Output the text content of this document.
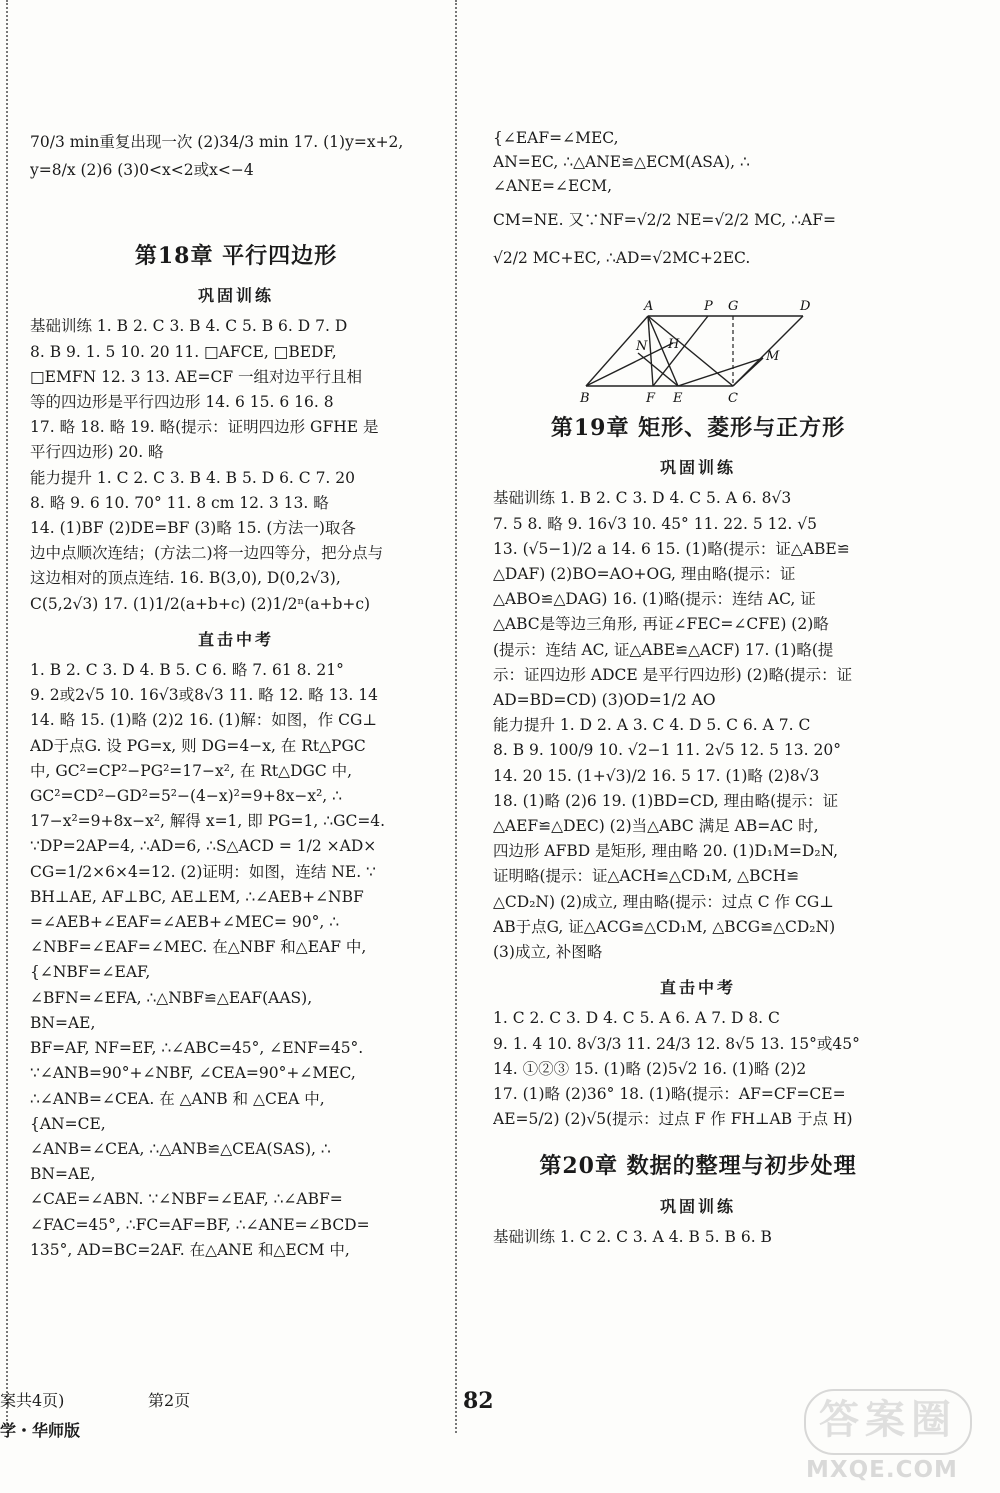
70/3 min重复出现一次 (2)34/3 min 17. (1)y=x+2,
y=8/x (2)6 (3)0<x<2或x<−4
第18章 平行四边形
巩固训练
基础训练 1. B 2. C 3. B 4. C 5. B 6. D 7. D
8. B 9. 1. 5 10. 20 11. □AFCE, □BEDF,
□EMFN 12. 3 13. AE=CF 一组对边平行且相
等的四边形是平行四边形 14. 6 15. 6 16. 8
17. 略 18. 略 19. 略(提示：证明四边形 GFHE 是
平行四边形) 20. 略
能力提升 1. C 2. C 3. B 4. B 5. D 6. C 7. 20
8. 略 9. 6 10. 70° 11. 8 cm 12. 3 13. 略
14. (1)BF (2)DE=BF (3)略 15. (方法一)取各
边中点顺次连结；(方法二)将一边四等分，把分点与
这边相对的顶点连结. 16. B(3,0), D(0,2√3),
C(5,2√3) 17. (1)1/2(a+b+c) (2)1/2ⁿ(a+b+c)
直击中考
1. B 2. C 3. D 4. B 5. C 6. 略 7. 61 8. 21°
9. 2或2√5 10. 16√3或8√3 11. 略 12. 略 13. 14
14. 略 15. (1)略 (2)2 16. (1)解：如图，作 CG⊥
AD于点G. 设 PG=x, 则 DG=4−x, 在 Rt△PGC
中, GC²=CP²−PG²=17−x², 在 Rt△DGC 中,
GC²=CD²−GD²=5²−(4−x)²=9+8x−x², ∴
17−x²=9+8x−x², 解得 x=1, 即 PG=1, ∴GC=4.
∵DP=2AP=4, ∴AD=6, ∴S△ACD = 1/2 ×AD×
CG=1/2×6×4=12. (2)证明：如图，连结 NE. ∵
BH⊥AE, AF⊥BC, AE⊥EM, ∴∠AEB+∠NBF
=∠AEB+∠EAF=∠AEB+∠MEC= 90°, ∴
∠NBF=∠EAF=∠MEC. 在△NBF 和△EAF 中,
{∠NBF=∠EAF,
∠BFN=∠EFA, ∴△NBF≌△EAF(AAS),
BN=AE,
BF=AF, NF=EF, ∴∠ABC=45°, ∠ENF=45°.
∵∠ANB=90°+∠NBF, ∠CEA=90°+∠MEC,
∴∠ANB=∠CEA. 在 △ANB 和 △CEA 中,
{AN=CE,
∠ANB=∠CEA, ∴△ANB≌△CEA(SAS), ∴
BN=AE,
∠CAE=∠ABN. ∵∠NBF=∠EAF, ∴∠ABF=
∠FAC=45°, ∴FC=AF=BF, ∴∠ANE=∠BCD=
135°, AD=BC=2AF. 在△ANE 和△ECM 中,
{∠EAF=∠MEC,
AN=EC, ∴△ANE≌△ECM(ASA), ∴
∠ANE=∠ECM,
CM=NE. 又∵NF=√2/2 NE=√2/2 MC, ∴AF=
√2/2 MC+EC, ∴AD=√2MC+2EC.
A	P G	D
N H
M
B	F E	C
第19章 矩形、菱形与正方形
巩固训练
基础训练 1. B 2. C 3. D 4. C 5. A 6. 8√3
7. 5 8. 略 9. 16√3 10. 45° 11. 22. 5 12. √5
13. (√5−1)/2 a 14. 6 15. (1)略(提示：证△ABE≌
△DAF) (2)BO=AO+OG, 理由略(提示：证
△ABO≌△DAG) 16. (1)略(提示：连结 AC, 证
△ABC是等边三角形, 再证∠FEC=∠CFE) (2)略
(提示：连结 AC, 证△ABE≌△ACF) 17. (1)略(提
示：证四边形 ADCE 是平行四边形) (2)略(提示：证
AD=BD=CD) (3)OD=1/2 AO
能力提升 1. D 2. A 3. C 4. D 5. C 6. A 7. C
8. B 9. 100/9 10. √2−1 11. 2√5 12. 5 13. 20°
14. 20 15. (1+√3)/2 16. 5 17. (1)略 (2)8√3
18. (1)略 (2)6 19. (1)BD=CD, 理由略(提示：证
△AEF≌△DEC) (2)当△ABC 满足 AB=AC 时,
四边形 AFBD 是矩形, 理由略 20. (1)D₁M=D₂N,
证明略(提示：证△ACH≌△CD₁M, △BCH≌
△CD₂N) (2)成立, 理由略(提示：过点 C 作 CG⊥
AB于点G, 证△ACG≌△CD₁M, △BCG≌△CD₂N)
(3)成立, 补图略
直击中考
1. C 2. C 3. D 4. C 5. A 6. A 7. D 8. C
9. 1. 4 10. 8√3/3 11. 24/3 12. 8√5 13. 15°或45°
14. ①②③ 15. (1)略 (2)5√2 16. (1)略 (2)2
17. (1)略 (2)36° 18. (1)略(提示：AF=CF=CE=
AE=5/2) (2)√5(提示：过点 F 作 FH⊥AB 于点 H)
第20章 数据的整理与初步处理
巩固训练
基础训练 1. C 2. C 3. A 4. B 5. B 6. B
案共4页)
学・华师版
第2页	82	答案圈
MXQE.COM
